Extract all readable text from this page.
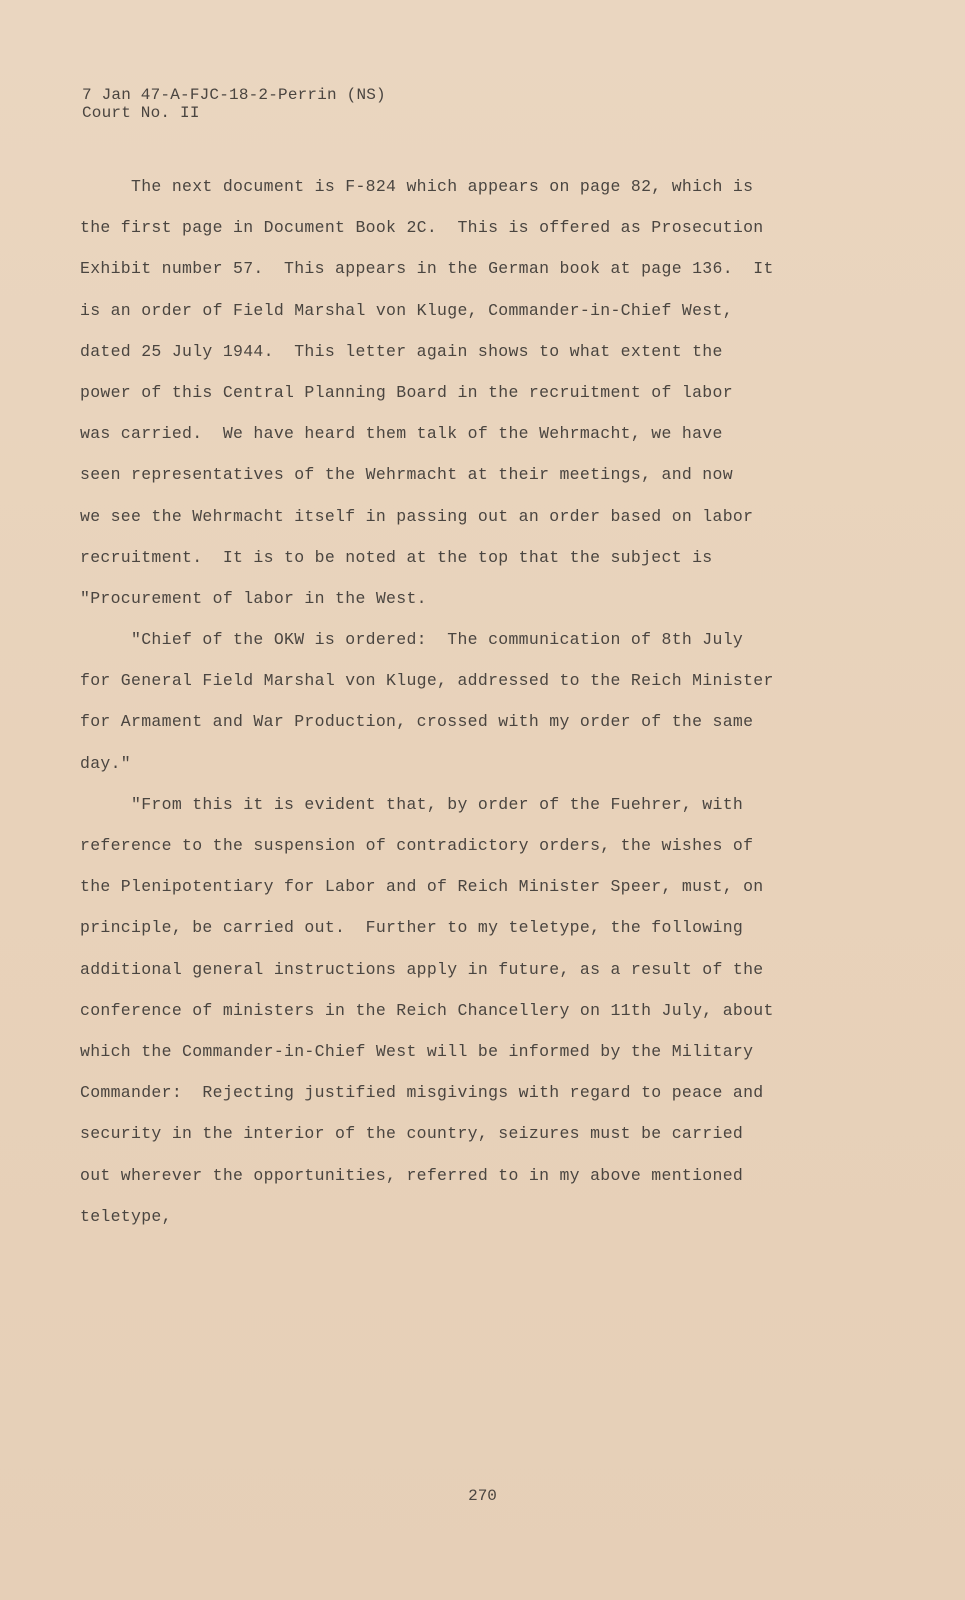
7 Jan 47-A-FJC-18-2-Perrin (NS)
Court No. II
The next document is F-824 which appears on page 82, which is
the first page in Document Book 2C.  This is offered as Prosecution
Exhibit number 57.  This appears in the German book at page 136.  It
is an order of Field Marshal von Kluge, Commander-in-Chief West,
dated 25 July 1944.  This letter again shows to what extent the
power of this Central Planning Board in the recruitment of labor
was carried.  We have heard them talk of the Wehrmacht, we have
seen representatives of the Wehrmacht at their meetings, and now
we see the Wehrmacht itself in passing out an order based on labor
recruitment.  It is to be noted at the top that the subject is
"Procurement of labor in the West.
"Chief of the OKW is ordered:  The communication of 8th July
for General Field Marshal von Kluge, addressed to the Reich Minister
for Armament and War Production, crossed with my order of the same
day."
"From this it is evident that, by order of the Fuehrer, with
reference to the suspension of contradictory orders, the wishes of
the Plenipotentiary for Labor and of Reich Minister Speer, must, on
principle, be carried out.  Further to my teletype, the following
additional general instructions apply in future, as a result of the
conference of ministers in the Reich Chancellery on 11th July, about
which the Commander-in-Chief West will be informed by the Military
Commander:  Rejecting justified misgivings with regard to peace and
security in the interior of the country, seizures must be carried
out wherever the opportunities, referred to in my above mentioned
teletype,
270
